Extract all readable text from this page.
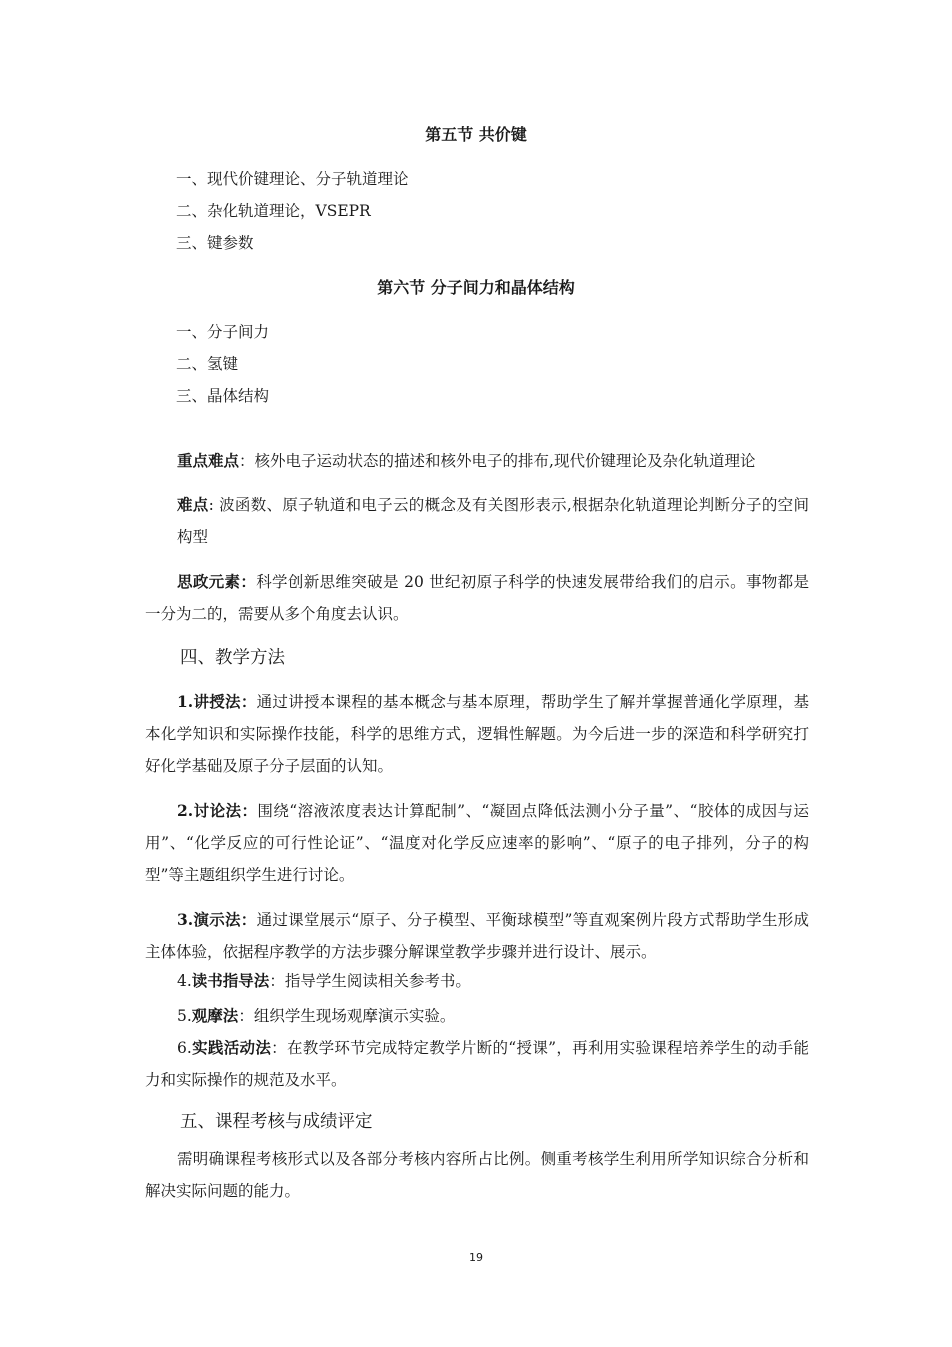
第五节 共价键
一、现代价键理论、分子轨道理论
二、杂化轨道理论，VSEPR
三、键参数
第六节 分子间力和晶体结构
一、分子间力
二、氢键
三、晶体结构
重点难点：核外电子运动状态的描述和核外电子的排布,现代价键理论及杂化轨道理论
难点: 波函数、原子轨道和电子云的概念及有关图形表示,根据杂化轨道理论判断分子的空间构型
思政元素：科学创新思维突破是 20 世纪初原子科学的快速发展带给我们的启示。事物都是一分为二的，需要从多个角度去认识。
四、教学方法
1.讲授法：通过讲授本课程的基本概念与基本原理，帮助学生了解并掌握普通化学原理，基本化学知识和实际操作技能，科学的思维方式，逻辑性解题。为今后进一步的深造和科学研究打好化学基础及原子分子层面的认知。
2.讨论法：围绕“溶液浓度表达计算配制”、“凝固点降低法测小分子量”、“胶体的成因与运用”、“化学反应的可行性论证”、“温度对化学反应速率的影响”、“原子的电子排列，分子的构型”等主题组织学生进行讨论。
3.演示法：通过课堂展示“原子、分子模型、平衡球模型”等直观案例片段方式帮助学生形成主体体验，依据程序教学的方法步骤分解课堂教学步骤并进行设计、展示。
4.读书指导法：指导学生阅读相关参考书。
5.观摩法：组织学生现场观摩演示实验。
6.实践活动法：在教学环节完成特定教学片断的“授课”，再利用实验课程培养学生的动手能力和实际操作的规范及水平。
五、课程考核与成绩评定
需明确课程考核形式以及各部分考核内容所占比例。侧重考核学生利用所学知识综合分析和解决实际问题的能力。
19
